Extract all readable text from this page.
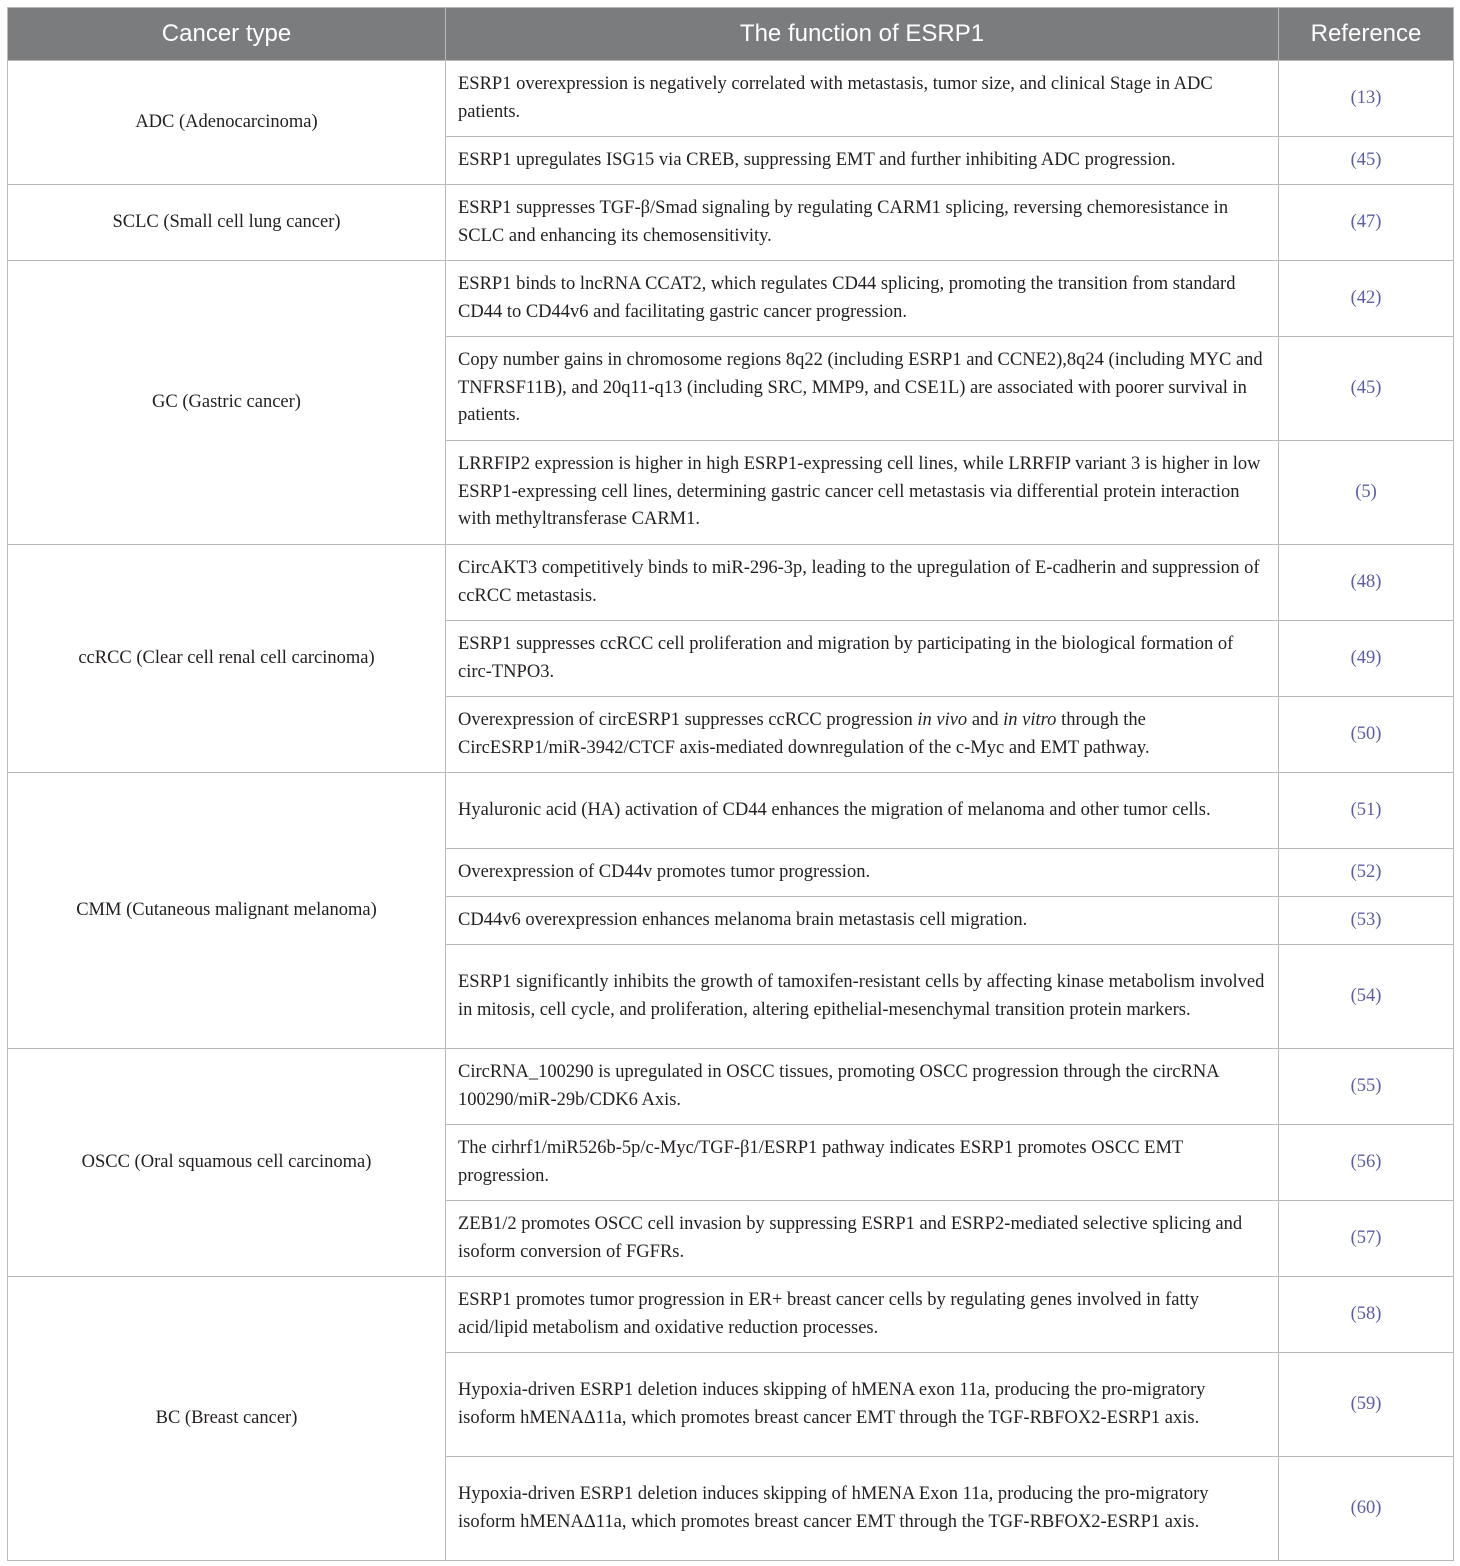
Cancer type	The function of ESRP1	Reference
ADC (Adenocarcinoma)	ESRP1 overexpression is negatively correlated with metastasis, tumor size, and clinical Stage in ADC patients.	(13)
	ESRP1 upregulates ISG15 via CREB, suppressing EMT and further inhibiting ADC progression.	(45)
SCLC (Small cell lung cancer)	ESRP1 suppresses TGF-β/Smad signaling by regulating CARM1 splicing, reversing chemoresistance in SCLC and enhancing its chemosensitivity.	(47)
GC (Gastric cancer)	ESRP1 binds to lncRNA CCAT2, which regulates CD44 splicing, promoting the transition from standard CD44 to CD44v6 and facilitating gastric cancer progression.	(42)
	Copy number gains in chromosome regions 8q22 (including ESRP1 and CCNE2),8q24 (including MYC and TNFRSF11B), and 20q11-q13 (including SRC, MMP9, and CSE1L) are associated with poorer survival in patients.	(45)
	LRRFIP2 expression is higher in high ESRP1-expressing cell lines, while LRRFIP variant 3 is higher in low ESRP1-expressing cell lines, determining gastric cancer cell metastasis via differential protein interaction with methyltransferase CARM1.	(5)
ccRCC (Clear cell renal cell carcinoma)	CircAKT3 competitively binds to miR-296-3p, leading to the upregulation of E-cadherin and suppression of ccRCC metastasis.	(48)
	ESRP1 suppresses ccRCC cell proliferation and migration by participating in the biological formation of circ-TNPO3.	(49)
	Overexpression of circESRP1 suppresses ccRCC progression in vivo and in vitro through the CircESRP1/miR-3942/CTCF axis-mediated downregulation of the c-Myc and EMT pathway.	(50)
CMM (Cutaneous malignant melanoma)	Hyaluronic acid (HA) activation of CD44 enhances the migration of melanoma and other tumor cells.	(51)
	Overexpression of CD44v promotes tumor progression.	(52)
	CD44v6 overexpression enhances melanoma brain metastasis cell migration.	(53)
	ESRP1 significantly inhibits the growth of tamoxifen-resistant cells by affecting kinase metabolism involved in mitosis, cell cycle, and proliferation, altering epithelial-mesenchymal transition protein markers.	(54)
OSCC (Oral squamous cell carcinoma)	CircRNA_100290 is upregulated in OSCC tissues, promoting OSCC progression through the circRNA 100290/miR-29b/CDK6 Axis.	(55)
	The cirhrf1/miR526b-5p/c-Myc/TGF-β1/ESRP1 pathway indicates ESRP1 promotes OSCC EMT progression.	(56)
	ZEB1/2 promotes OSCC cell invasion by suppressing ESRP1 and ESRP2-mediated selective splicing and isoform conversion of FGFRs.	(57)
BC (Breast cancer)	ESRP1 promotes tumor progression in ER+ breast cancer cells by regulating genes involved in fatty acid/lipid metabolism and oxidative reduction processes.	(58)
	Hypoxia-driven ESRP1 deletion induces skipping of hMENA exon 11a, producing the pro-migratory isoform hMENAΔ11a, which promotes breast cancer EMT through the TGF-RBFOX2-ESRP1 axis.	(59)
	Hypoxia-driven ESRP1 deletion induces skipping of hMENA Exon 11a, producing the pro-migratory isoform hMENAΔ11a, which promotes breast cancer EMT through the TGF-RBFOX2-ESRP1 axis.	(60)
